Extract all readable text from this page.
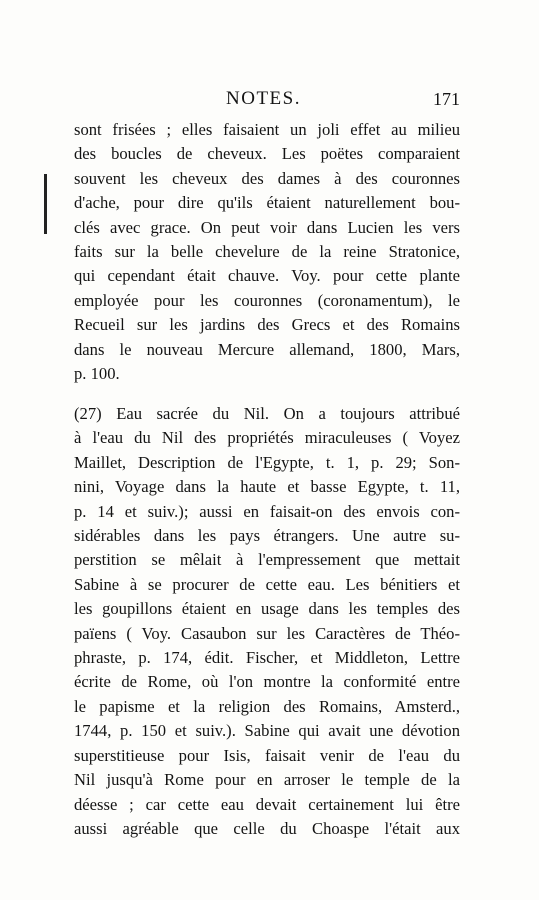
NOTES.	171
sont frisées ; elles faisaient un joli effet au milieu
des boucles de cheveux. Les poëtes comparaient
souvent les cheveux des dames à des couronnes
d'ache, pour dire qu'ils étaient naturellement bou-
clés avec grace. On peut voir dans Lucien les vers
faits sur la belle chevelure de la reine Stratonice,
qui cependant était chauve. Voy. pour cette plante
employée pour les couronnes (coronamentum), le
Recueil sur les jardins des Grecs et des Romains
dans le nouveau Mercure allemand, 1800, Mars,
p. 100.
(27) Eau sacrée du Nil. On a toujours attribué
à l'eau du Nil des propriétés miraculeuses ( Voyez
Maillet, Description de l'Egypte, t. 1, p. 29; Son-
nini, Voyage dans la haute et basse Egypte, t. 11,
p. 14 et suiv.); aussi en faisait-on des envois con-
sidérables dans les pays étrangers. Une autre su-
perstition se mêlait à l'empressement que mettait
Sabine à se procurer de cette eau. Les bénitiers et
les goupillons étaient en usage dans les temples des
païens ( Voy. Casaubon sur les Caractères de Théo-
phraste, p. 174, édit. Fischer, et Middleton, Lettre
écrite de Rome, où l'on montre la conformité entre
le papisme et la religion des Romains, Amsterd.,
1744, p. 150 et suiv.). Sabine qui avait une dévotion
superstitieuse pour Isis, faisait venir de l'eau du
Nil jusqu'à Rome pour en arroser le temple de la
déesse ; car cette eau devait certainement lui être
aussi agréable que celle du Choaspe l'était aux
